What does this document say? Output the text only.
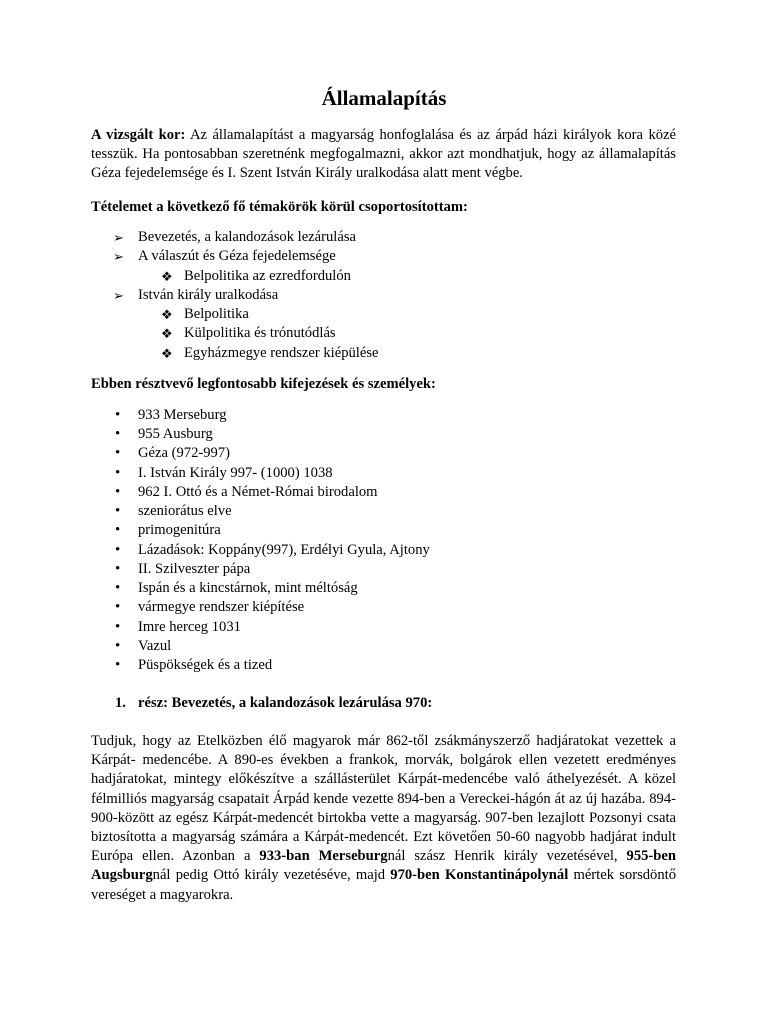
Államalapítás

A vizsgált kor: Az államalapítást a magyarság honfoglalása és az árpád házi királyok kora közé tesszük. Ha pontosabban szeretnénk megfogalmazni, akkor azt mondhatjuk, hogy az államalapítás Géza fejedelemsége és I. Szent István Király uralkodása alatt ment végbe.

Tételemet a következő fő témakörök körül csoportosítottam:

➢ Bevezetés, a kalandozások lezárulása
➢ A válaszút és Géza fejedelemsége
❖ Belpolitika az ezredfordulón
➢ István király uralkodása
❖ Belpolitika
❖ Külpolitika és trónutódlás
❖ Egyházmegye rendszer kiépülése

Ebben résztvevő legfontosabb kifejezések és személyek:

• 933 Merseburg
• 955 Ausburg
• Géza (972-997)
• I. István Király 997- (1000) 1038
• 962 I. Ottó és a Német-Római birodalom
• szeniorátus elve
• primogenitúra
• Lázadások: Koppány(997), Erdélyi Gyula, Ajtony
• II. Szilveszter pápa
• Ispán és a kincstárnok, mint méltóság
• vármegye rendszer kiépítése
• Imre herceg 1031
• Vazul
• Püspökségek és a tized
1. rész: Bevezetés, a kalandozások lezárulása 970:

Tudjuk, hogy az Etelközben élő magyarok már 862-től zsákmányszerző hadjáratokat vezettek a Kárpát- medencébe. A 890-es években a frankok, morvák, bolgárok ellen vezetett eredményes hadjáratokat, mintegy előkészítve a szállásterület Kárpát-medencébe való áthelyezését. A közel félmilliós magyarság csapatait Árpád kende vezette 894-ben a Vereckei-hágón át az új hazába. 894-900-között az egész Kárpát-medencét birtokba vette a magyarság. 907-ben lezajlott Pozsonyi csata biztosította a magyarság számára a Kárpát-medencét. Ezt követően 50-60 nagyobb hadjárat indult Európa ellen. Azonban a 933-ban Merseburgnál szász Henrik király vezetésével, 955-ben Augsburgnál pedig Ottó király vezetéséve, majd 970-ben Konstantinápolynál mértek sorsdöntő vereséget a magyarokra.
